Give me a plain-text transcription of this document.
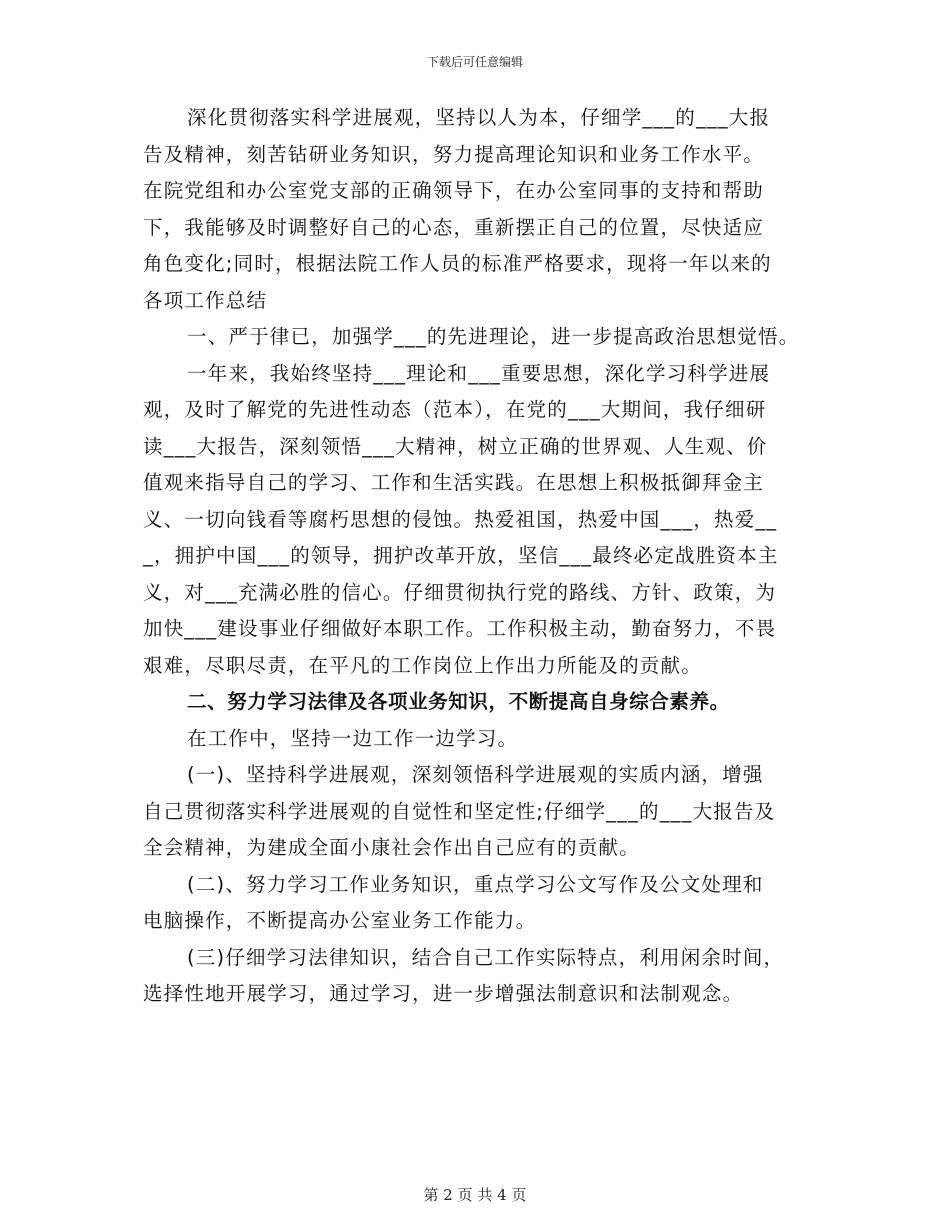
下载后可任意编辑
深化贯彻落实科学进展观，坚持以人为本，仔细学___的___大报
告及精神，刻苦钻研业务知识，努力提高理论知识和业务工作水平。
在院党组和办公室党支部的正确领导下，在办公室同事的支持和帮助
下，我能够及时调整好自己的心态，重新摆正自己的位置，尽快适应
角色变化;同时，根据法院工作人员的标准严格要求，现将一年以来的
各项工作总结
一、严于律已，加强学___的先进理论，进一步提高政治思想觉悟。
一年来，我始终坚持___理论和___重要思想，深化学习科学进展
观，及时了解党的先进性动态（范本），在党的___大期间，我仔细研
读___大报告，深刻领悟___大精神，树立正确的世界观、人生观、价
值观来指导自己的学习、工作和生活实践。在思想上积极抵御拜金主
义、一切向钱看等腐朽思想的侵蚀。热爱祖国，热爱中国___，热爱__
_，拥护中国___的领导，拥护改革开放，坚信___最终必定战胜资本主
义，对___充满必胜的信心。仔细贯彻执行党的路线、方针、政策，为
加快___建设事业仔细做好本职工作。工作积极主动，勤奋努力，不畏
艰难，尽职尽责，在平凡的工作岗位上作出力所能及的贡献。
二、努力学习法律及各项业务知识，不断提高自身综合素养。
在工作中，坚持一边工作一边学习。
(一)、坚持科学进展观，深刻领悟科学进展观的实质内涵，增强
自己贯彻落实科学进展观的自觉性和坚定性;仔细学___的___大报告及
全会精神，为建成全面小康社会作出自己应有的贡献。
(二)、努力学习工作业务知识，重点学习公文写作及公文处理和
电脑操作，不断提高办公室业务工作能力。
(三)仔细学习法律知识，结合自己工作实际特点，利用闲余时间，
选择性地开展学习，通过学习，进一步增强法制意识和法制观念。
第 2 页 共 4 页
